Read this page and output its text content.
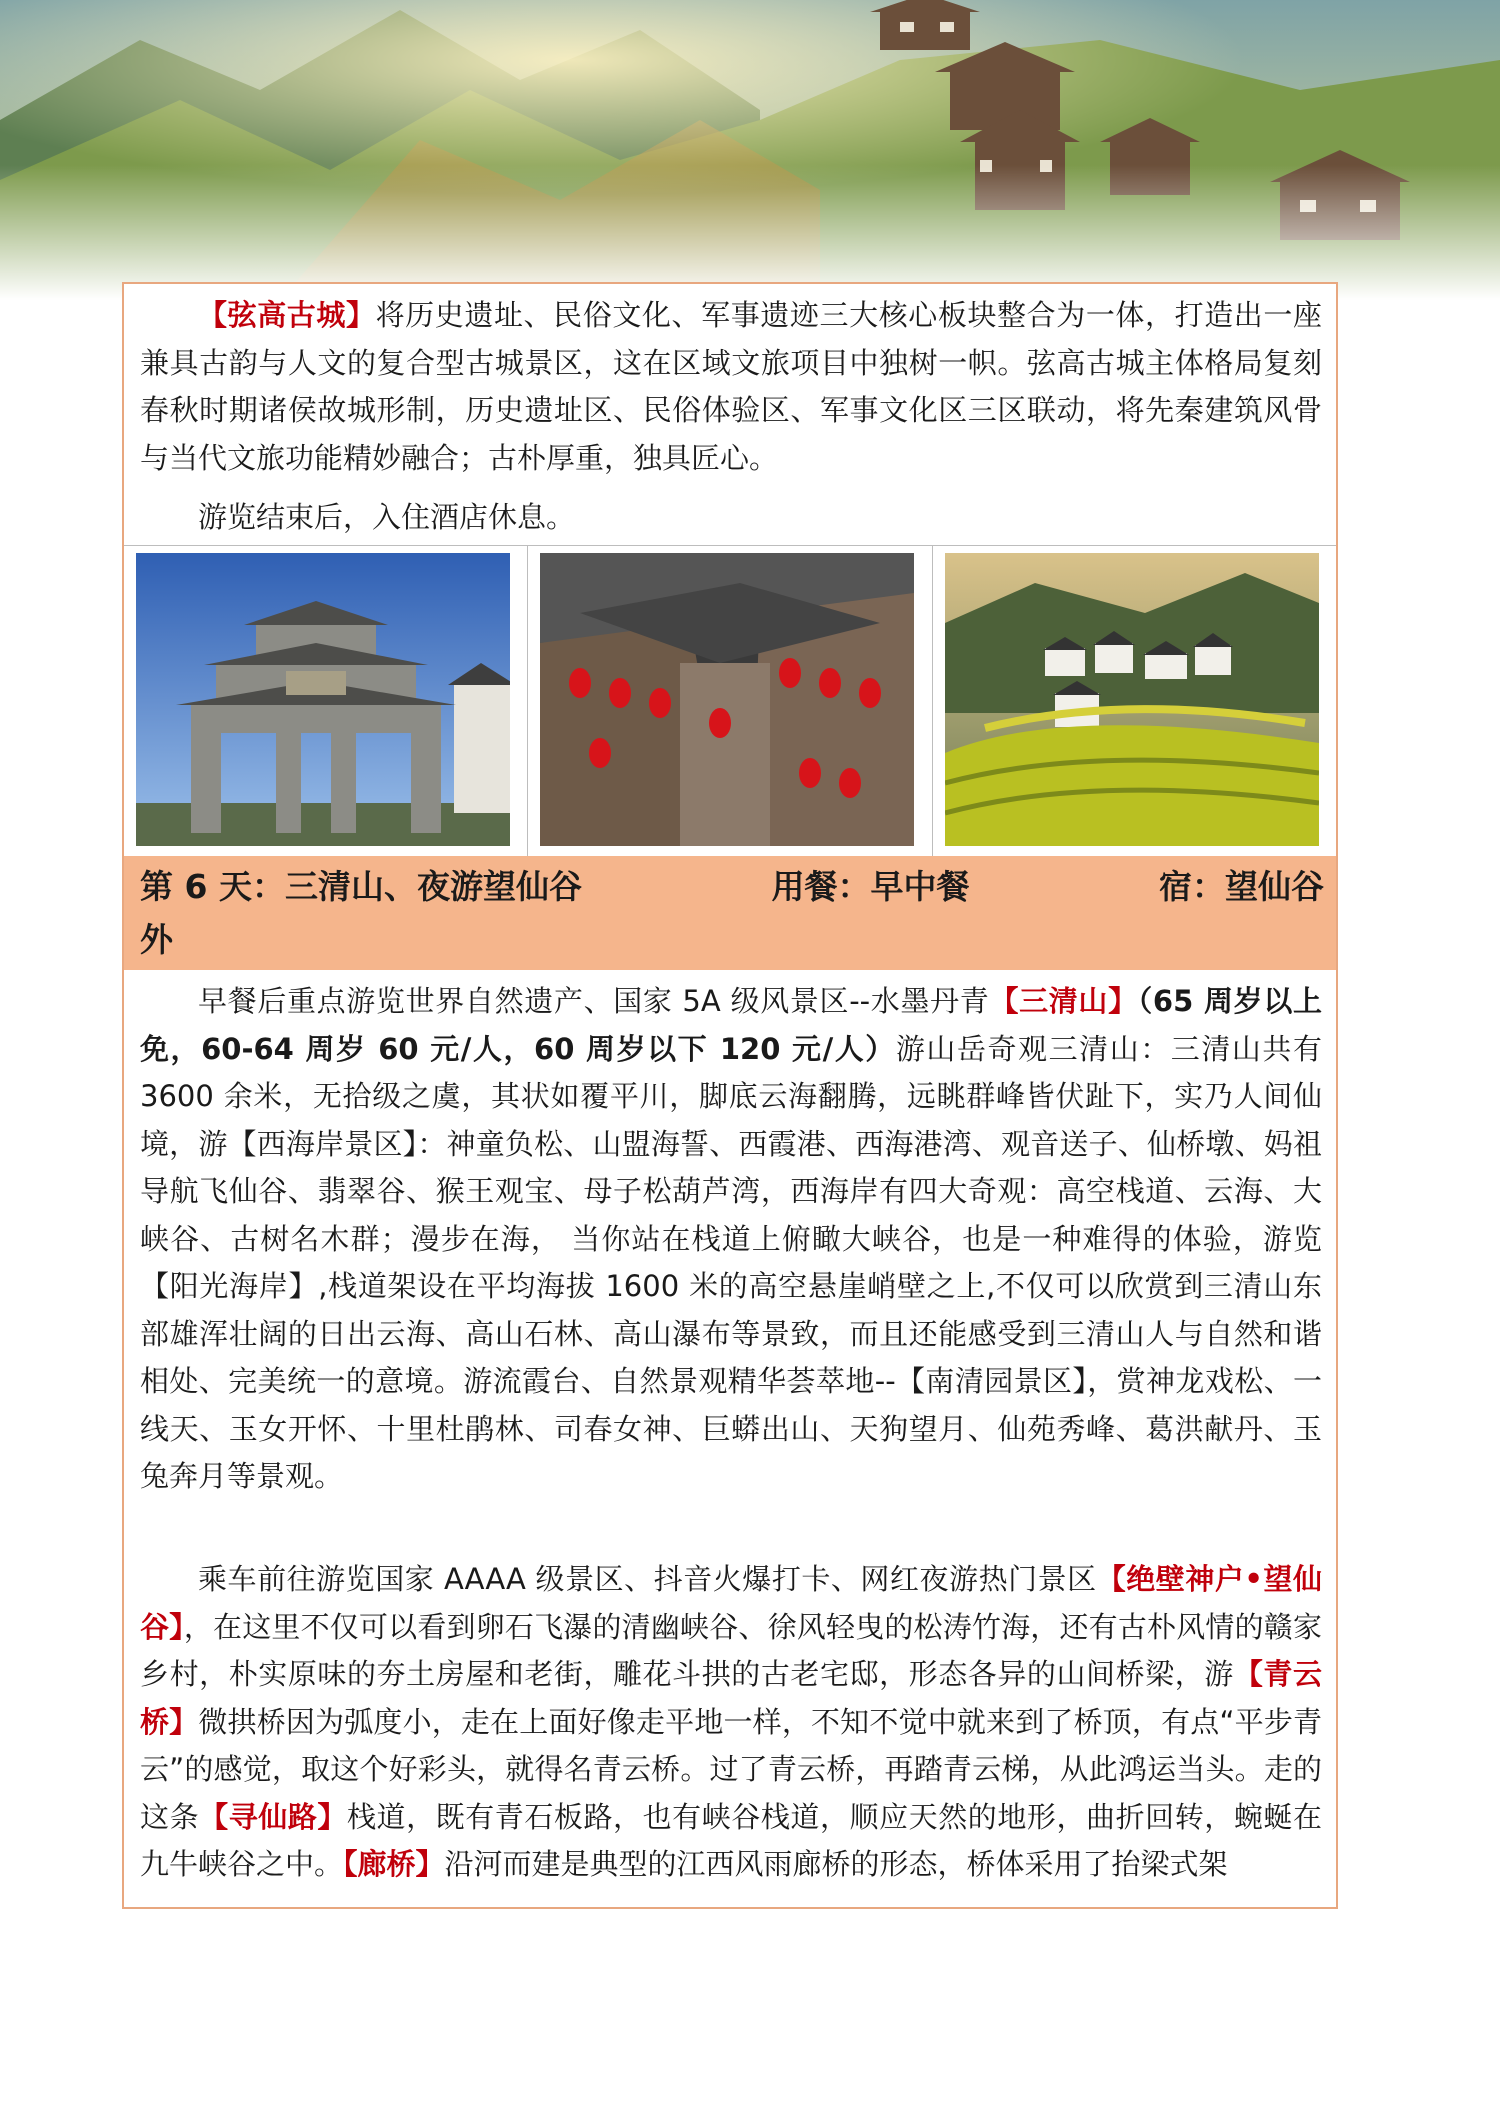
【弦高古城】将历史遗址、民俗文化、军事遗迹三大核心板块整合为一体，打造出一座兼具古韵与人文的复合型古城景区，这在区域文旅项目中独树一帜。弦高古城主体格局复刻春秋时期诸侯故城形制，历史遗址区、民俗体验区、军事文化区三区联动，将先秦建筑风骨与当代文旅功能精妙融合；古朴厚重，独具匠心。
游览结束后，入住酒店休息。
第 6 天：三清山、夜游望仙谷	用餐：早中餐	宿：望仙谷
外
早餐后重点游览世界自然遗产、国家 5A 级风景区--水墨丹青【三清山】（65 周岁以上免，60-64 周岁 60 元/人，60 周岁以下 120 元/人）游山岳奇观三清山：三清山共有 3600 余米，无拾级之虞，其状如覆平川，脚底云海翻腾，远眺群峰皆伏趾下，实乃人间仙境，游【西海岸景区】：神童负松、山盟海誓、西霞港、西海港湾、观音送子、仙桥墩、妈祖导航飞仙谷、翡翠谷、猴王观宝、母子松葫芦湾，西海岸有四大奇观：高空栈道、云海、大峡谷、古树名木群；漫步在海， 当你站在栈道上俯瞰大峡谷，也是一种难得的体验，游览【阳光海岸】,栈道架设在平均海拔 1600 米的高空悬崖峭壁之上,不仅可以欣赏到三清山东部雄浑壮阔的日出云海、高山石林、高山瀑布等景致，而且还能感受到三清山人与自然和谐相处、完美统一的意境。游流霞台、自然景观精华荟萃地--【南清园景区】，赏神龙戏松、一线天、玉女开怀、十里杜鹃林、司春女神、巨蟒出山、天狗望月、仙苑秀峰、葛洪献丹、玉兔奔月等景观。
乘车前往游览国家 AAAA 级景区、抖音火爆打卡、网红夜游热门景区【绝壁神户•望仙谷】，在这里不仅可以看到卵石飞瀑的清幽峡谷、徐风轻曳的松涛竹海，还有古朴风情的赣家乡村，朴实原味的夯土房屋和老街，雕花斗拱的古老宅邸，形态各异的山间桥梁，游【青云桥】微拱桥因为弧度小，走在上面好像走平地一样，不知不觉中就来到了桥顶，有点“平步青云”的感觉，取这个好彩头，就得名青云桥。过了青云桥，再踏青云梯，从此鸿运当头。走的这条【寻仙路】栈道，既有青石板路，也有峡谷栈道，顺应天然的地形，曲折回转，蜿蜒在九牛峡谷之中。【廊桥】沿河而建是典型的江西风雨廊桥的形态，桥体采用了抬梁式架
